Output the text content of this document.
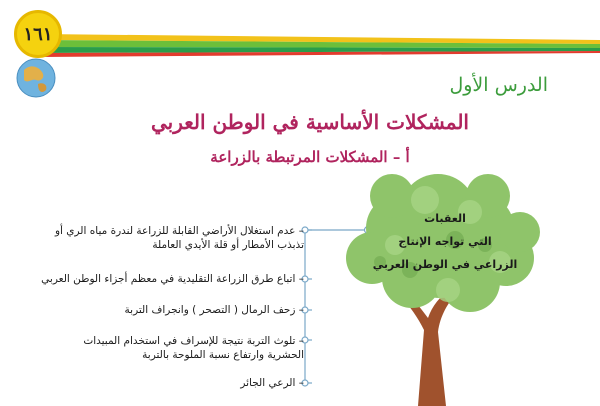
١٦١
الدرس الأول
المشكلات الأساسية في الوطن العربي
أ – المشكلات المرتبطة بالزراعة
العقبات
التي تواجه الإنتاج
الزراعي في الوطن العربي
– عدم استغلال الأراضي القابلة للزراعة لندرة مياه الري أو
تذبذب الأمطار أو قلة الأيدي العاملة
– اتباع طرق الزراعة التقليدية في معظم أجزاء الوطن العربي
– زحف الرمال ( التصحر ) وانجراف التربة
– تلوث التربة نتيجة للإسراف في استخدام المبيدات
الحشرية وارتفاع نسبة الملوحة بالتربة
– الرعي الجائر
